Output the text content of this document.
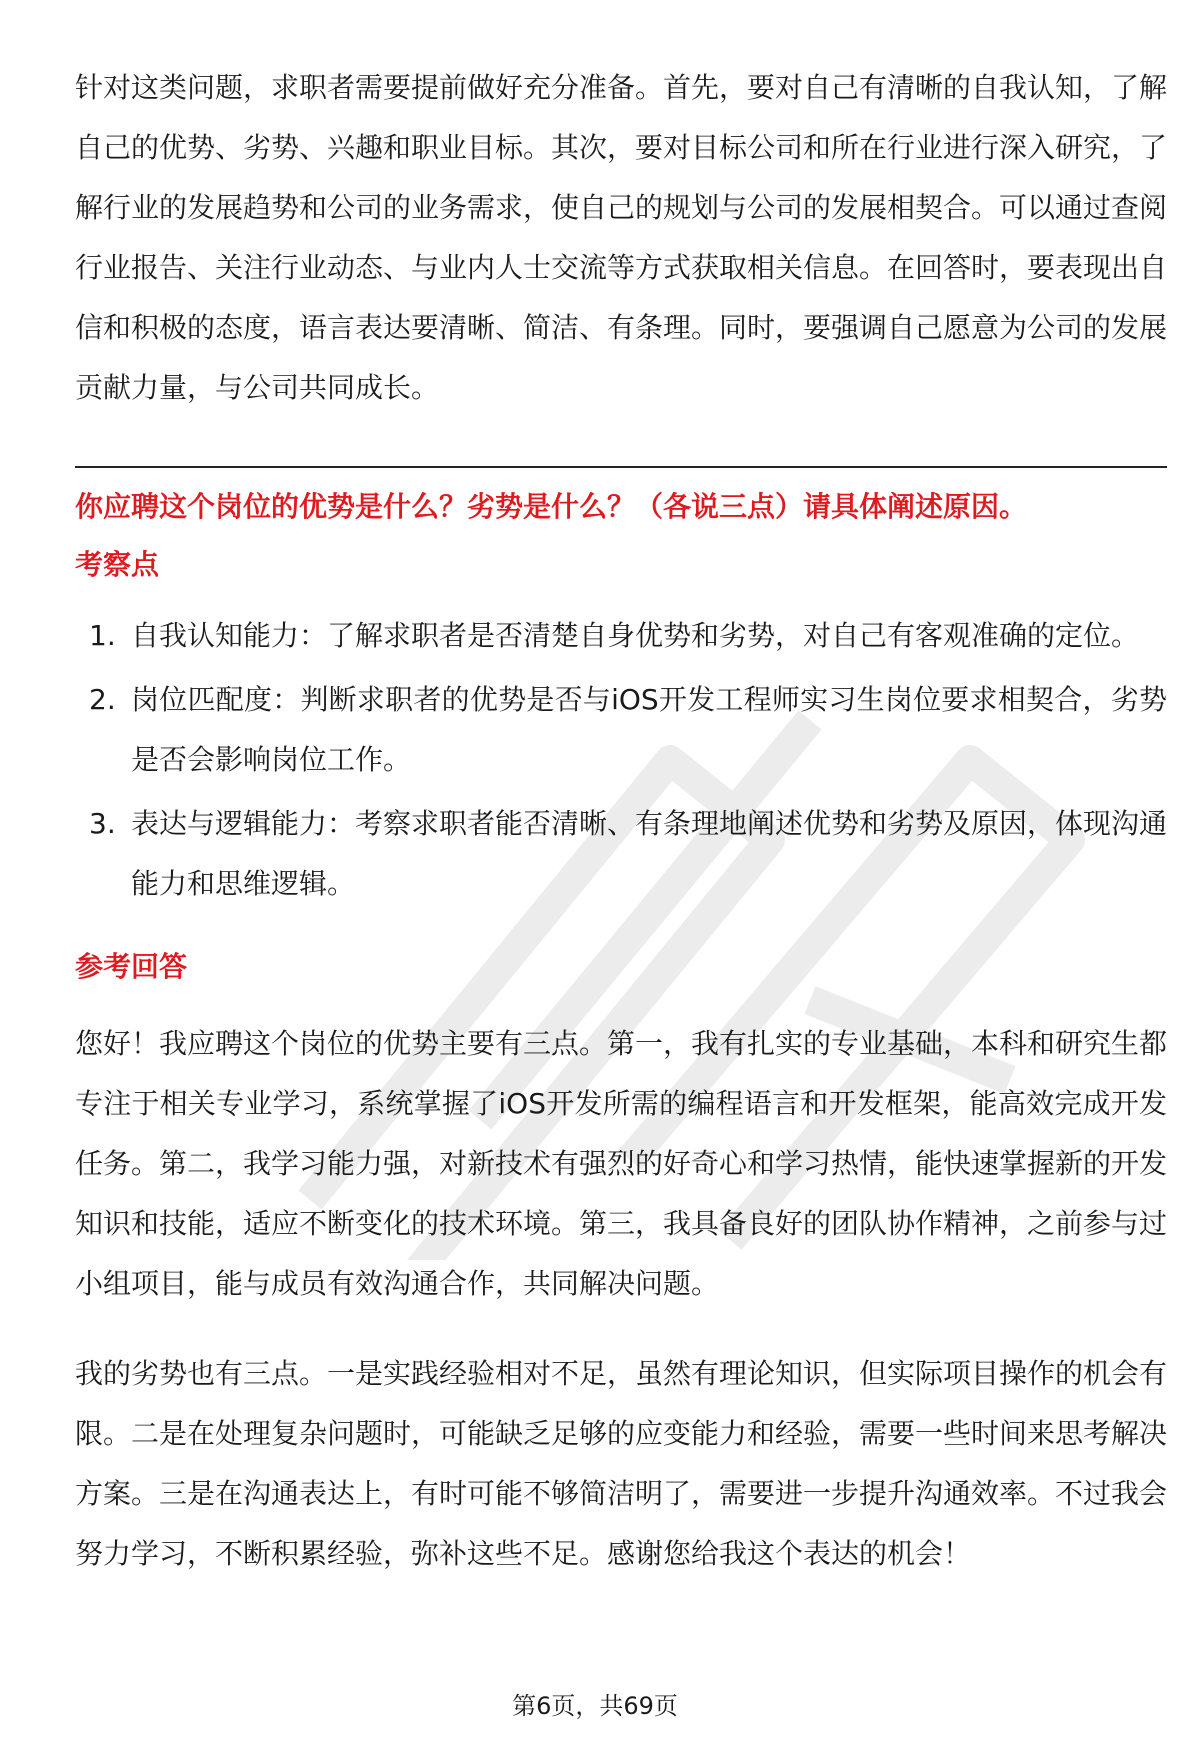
针对这类问题，求职者需要提前做好充分准备。首先，要对自己有清晰的自我认知，了解自己的优势、劣势、兴趣和职业目标。其次，要对目标公司和所在行业进行深入研究，了解行业的发展趋势和公司的业务需求，使自己的规划与公司的发展相契合。可以通过查阅行业报告、关注行业动态、与业内人士交流等方式获取相关信息。在回答时，要表现出自信和积极的态度，语言表达要清晰、简洁、有条理。同时，要强调自己愿意为公司的发展贡献力量，与公司共同成长。

你应聘这个岗位的优势是什么？劣势是什么？（各说三点）请具体阐述原因。

考察点

1. 自我认知能力：了解求职者是否清楚自身优势和劣势，对自己有客观准确的定位。
2. 岗位匹配度：判断求职者的优势是否与iOS开发工程师实习生岗位要求相契合，劣势是否会影响岗位工作。
3. 表达与逻辑能力：考察求职者能否清晰、有条理地阐述优势和劣势及原因，体现沟通能力和思维逻辑。

参考回答

您好！我应聘这个岗位的优势主要有三点。第一，我有扎实的专业基础，本科和研究生都专注于相关专业学习，系统掌握了iOS开发所需的编程语言和开发框架，能高效完成开发任务。第二，我学习能力强，对新技术有强烈的好奇心和学习热情，能快速掌握新的开发知识和技能，适应不断变化的技术环境。第三，我具备良好的团队协作精神，之前参与过小组项目，能与成员有效沟通合作，共同解决问题。

我的劣势也有三点。一是实践经验相对不足，虽然有理论知识，但实际项目操作的机会有限。二是在处理复杂问题时，可能缺乏足够的应变能力和经验，需要一些时间来思考解决方案。三是在沟通表达上，有时可能不够简洁明了，需要进一步提升沟通效率。不过我会努力学习，不断积累经验，弥补这些不足。感谢您给我这个表达的机会！

第6页，共69页
